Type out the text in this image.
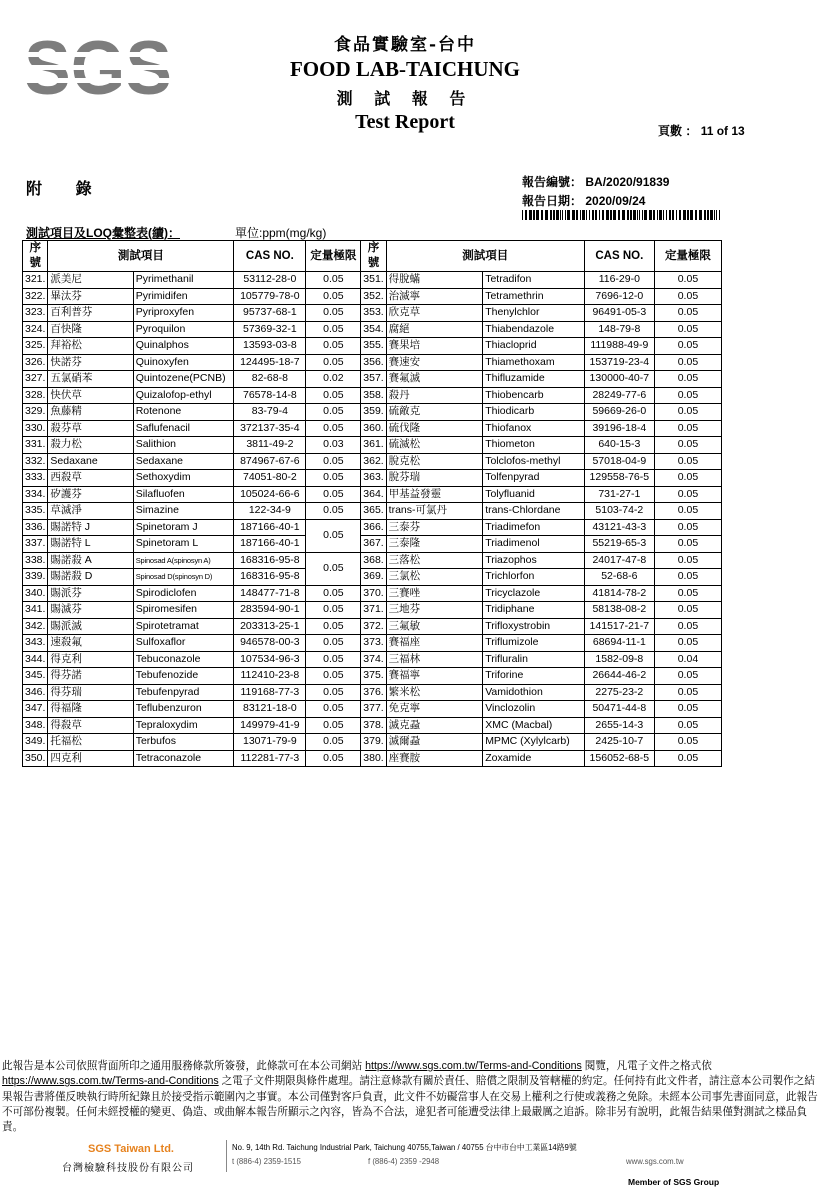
食品實驗室-台中
FOOD LAB-TAICHUNG
測 試 報 告
Test Report	頁數 ： 11 of 13
附 錄	報告編號： BA/2020/91839
報告日期： 2020/09/24
測試項目及LOQ彙整表(續)：	單位:ppm(mg/kg)
序
號	測試項目		CAS NO.	定量極限	序
號	測試項目		CAS NO.	定量極限
321.	派美尼	Pyrimethanil	53112-28-0	0.05	351.	得脫蟎	Tetradifon	116-29-0	0.05
322.	畢汰芬	Pyrimidifen	105779-78-0	0.05	352.	治滅寧	Tetramethrin	7696-12-0	0.05
323.	百利普芬	Pyriproxyfen	95737-68-1	0.05	353.	欣克草	Thenylchlor	96491-05-3	0.05
324.	百快隆	Pyroquilon	57369-32-1	0.05	354.	腐絕	Thiabendazole	148-79-8	0.05
325.	拜裕松	Quinalphos	13593-03-8	0.05	355.	賽果培	Thiacloprid	111988-49-9	0.05
326.	快諾芬	Quinoxyfen	124495-18-7	0.05	356.	賽速安	Thiamethoxam	153719-23-4	0.05
327.	五氯硝苯	Quintozene(PCNB)	82-68-8	0.02	357.	賽氟滅	Thifluzamide	130000-40-7	0.05
328.	快伏草	Quizalofop-ethyl	76578-14-8	0.05	358.	殺丹	Thiobencarb	28249-77-6	0.05
329.	魚藤精	Rotenone	83-79-4	0.05	359.	硫敵克	Thiodicarb	59669-26-0	0.05
330.	殺芬草	Saflufenacil	372137-35-4	0.05	360.	硫伐隆	Thiofanox	39196-18-4	0.05
331.	殺力松	Salithion	3811-49-2	0.03	361.	硫滅松	Thiometon	640-15-3	0.05
332.	Sedaxane	Sedaxane	874967-67-6	0.05	362.	脫克松	Tolclofos-methyl	57018-04-9	0.05
333.	西殺草	Sethoxydim	74051-80-2	0.05	363.	脫芬瑞	Tolfenpyrad	129558-76-5	0.05
334.	矽護芬	Silafluofen	105024-66-6	0.05	364.	甲基益發靈	Tolyfluanid	731-27-1	0.05
335.	草滅淨	Simazine	122-34-9	0.05	365.	trans-可氯丹	trans-Chlordane	5103-74-2	0.05
336.	賜諾特 J	Spinetoram J	187166-40-1	0.05	366.	三泰芬	Triadimefon	43121-43-3	0.05
337.	賜諾特 L	Spinetoram L	187166-40-1		367.	三泰隆	Triadimenol	55219-65-3	0.05
338.	賜諾殺 A	Spinosad A(spinosyn A)	168316-95-8	0.05	368.	三落松	Triazophos	24017-47-8	0.05
339.	賜諾殺 D	Spinosad D(spinosyn D)	168316-95-8		369.	三氯松	Trichlorfon	52-68-6	0.05
340.	賜派芬	Spirodiclofen	148477-71-8	0.05	370.	三賽唑	Tricyclazole	41814-78-2	0.05
341.	賜滅芬	Spiromesifen	283594-90-1	0.05	371.	三地芬	Tridiphane	58138-08-2	0.05
342.	賜派滅	Spirotetramat	203313-25-1	0.05	372.	三氟敏	Trifloxystrobin	141517-21-7	0.05
343.	速殺氟	Sulfoxaflor	946578-00-3	0.05	373.	賽福座	Triflumizole	68694-11-1	0.05
344.	得克利	Tebuconazole	107534-96-3	0.05	374.	三福林	Trifluralin	1582-09-8	0.04
345.	得芬諾	Tebufenozide	112410-23-8	0.05	375.	賽福寧	Triforine	26644-46-2	0.05
346.	得芬瑞	Tebufenpyrad	119168-77-3	0.05	376.	繁米松	Vamidothion	2275-23-2	0.05
347.	得福隆	Teflubenzuron	83121-18-0	0.05	377.	免克寧	Vinclozolin	50471-44-8	0.05
348.	得殺草	Tepraloxydim	149979-41-9	0.05	378.	滅克蝨	XMC (Macbal)	2655-14-3	0.05
349.	托福松	Terbufos	13071-79-9	0.05	379.	滅爾蝨	MPMC (Xylylcarb)	2425-10-7	0.05
350.	四克利	Tetraconazole	112281-77-3	0.05	380.	座賽胺	Zoxamide	156052-68-5	0.05
此報告是本公司依照背面所印之通用服務條款所簽發，此條款可在本公司網站 https://www.sgs.com.tw/Terms-and-Conditions 閱覽，凡電子文件之格式依 https://www.sgs.com.tw/Terms-and-Conditions 之電子文件期限與條件處理。請注意條款有關於責任、賠償之限制及管轄權的約定。任何持有此文件者，請注意本公司製作之結果報告書將僅反映執行時所紀錄且於接受指示範圍內之事實。本公司僅對客戶負責，此文件不妨礙當事人在交易上權利之行使或義務之免除。未經本公司事先書面同意，此報告不可部份複製。任何未經授權的變更、偽造、或曲解本報告所顯示之內容，皆為不合法，違犯者可能遭受法律上最嚴厲之追訴。除非另有說明，此報告結果僅對測試之樣品負責。
SGS Taiwan Ltd.
台灣檢驗科技股份有限公司
No. 9, 14th Rd. Taichung Industrial Park, Taichung 40755,Taiwan / 40755 台中市台中工業區14路9號
t (886-4) 2359-1515	f (886-4) 2359 -2948	www.sgs.com.tw
Member of SGS Group
